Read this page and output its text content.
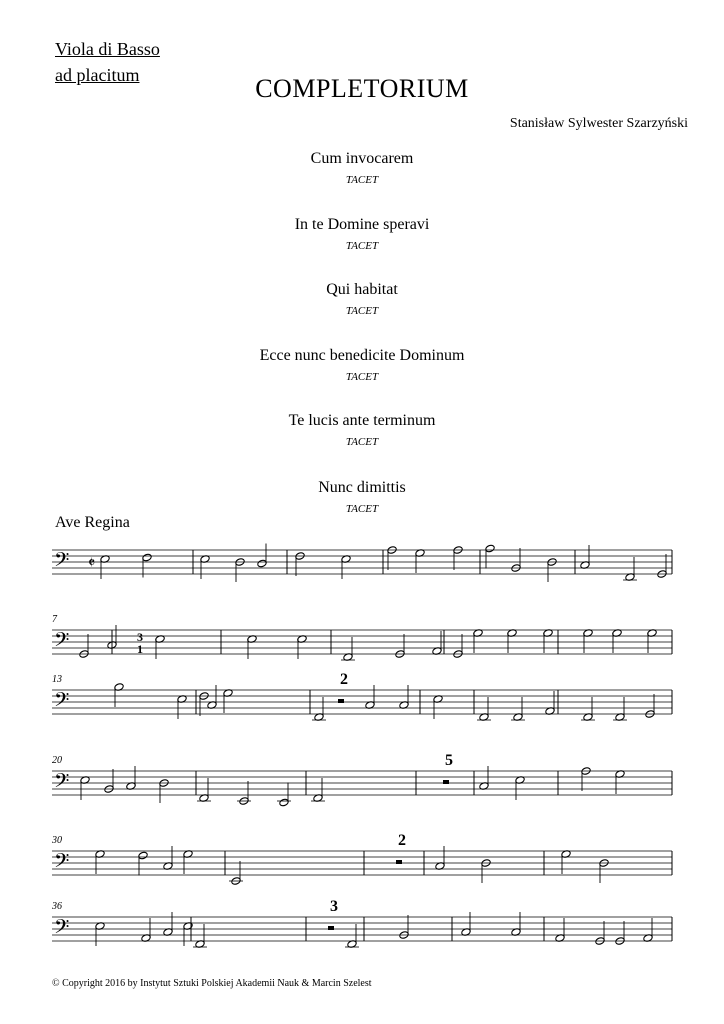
Viola di Basso
ad placitum	COMPLETORIUM
Stanisław Sylwester Szarzyński
Cum invocarem
TACET
In te Domine speravi
TACET
Qui habitat
TACET
Ecce nunc benedicite Dominum
TACET
Te lucis ante terminum
TACET
Nunc dimittis
TACET
Ave Regina
𝄢
𝄢
7
𝄢
13	2
𝄢
20	5
𝄢
30	2
𝄢
36	3
𝄵
3
1
© Copyright 2016 by Instytut Sztuki Polskiej Akademii Nauk & Marcin Szelest
